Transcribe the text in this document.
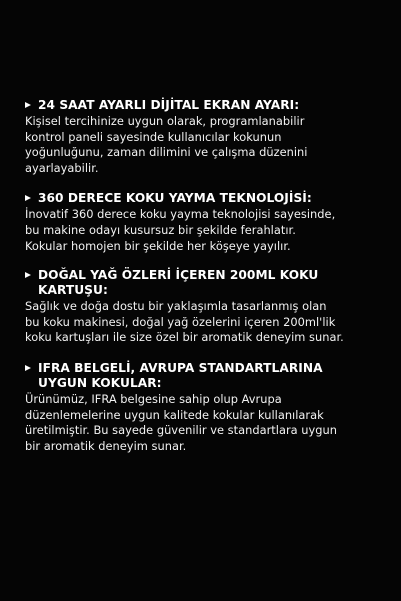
24 SAAT AYARLI DİJİTAL EKRAN AYARI:
Kişisel tercihinize uygun olarak, programlanabilir
kontrol paneli sayesinde kullanıcılar kokunun
yoğunluğunu, zaman dilimini ve çalışma düzenini
ayarlayabilir.
360 DERECE KOKU YAYMA TEKNOLOJİSİ:
İnovatif 360 derece koku yayma teknolojisi sayesinde,
bu makine odayı kusursuz bir şekilde ferahlatır.
Kokular homojen bir şekilde her köşeye yayılır.
DOĞAL YAĞ ÖZLERİ İÇEREN 200ML KOKU KARTUŞU:
Sağlık ve doğa dostu bir yaklaşımla tasarlanmış olan
bu koku makinesi, doğal yağ özelerini içeren 200ml'lik
koku kartuşları ile size özel bir aromatik deneyim sunar.
IFRA BELGELİ, AVRUPA STANDARTLARINA
UYGUN KOKULAR:
Ürünümüz, IFRA belgesine sahip olup Avrupa
düzenlemelerine uygun kalitede kokular kullanılarak
üretilmiştir. Bu sayede güvenilir ve standartlara uygun
bir aromatik deneyim sunar.
